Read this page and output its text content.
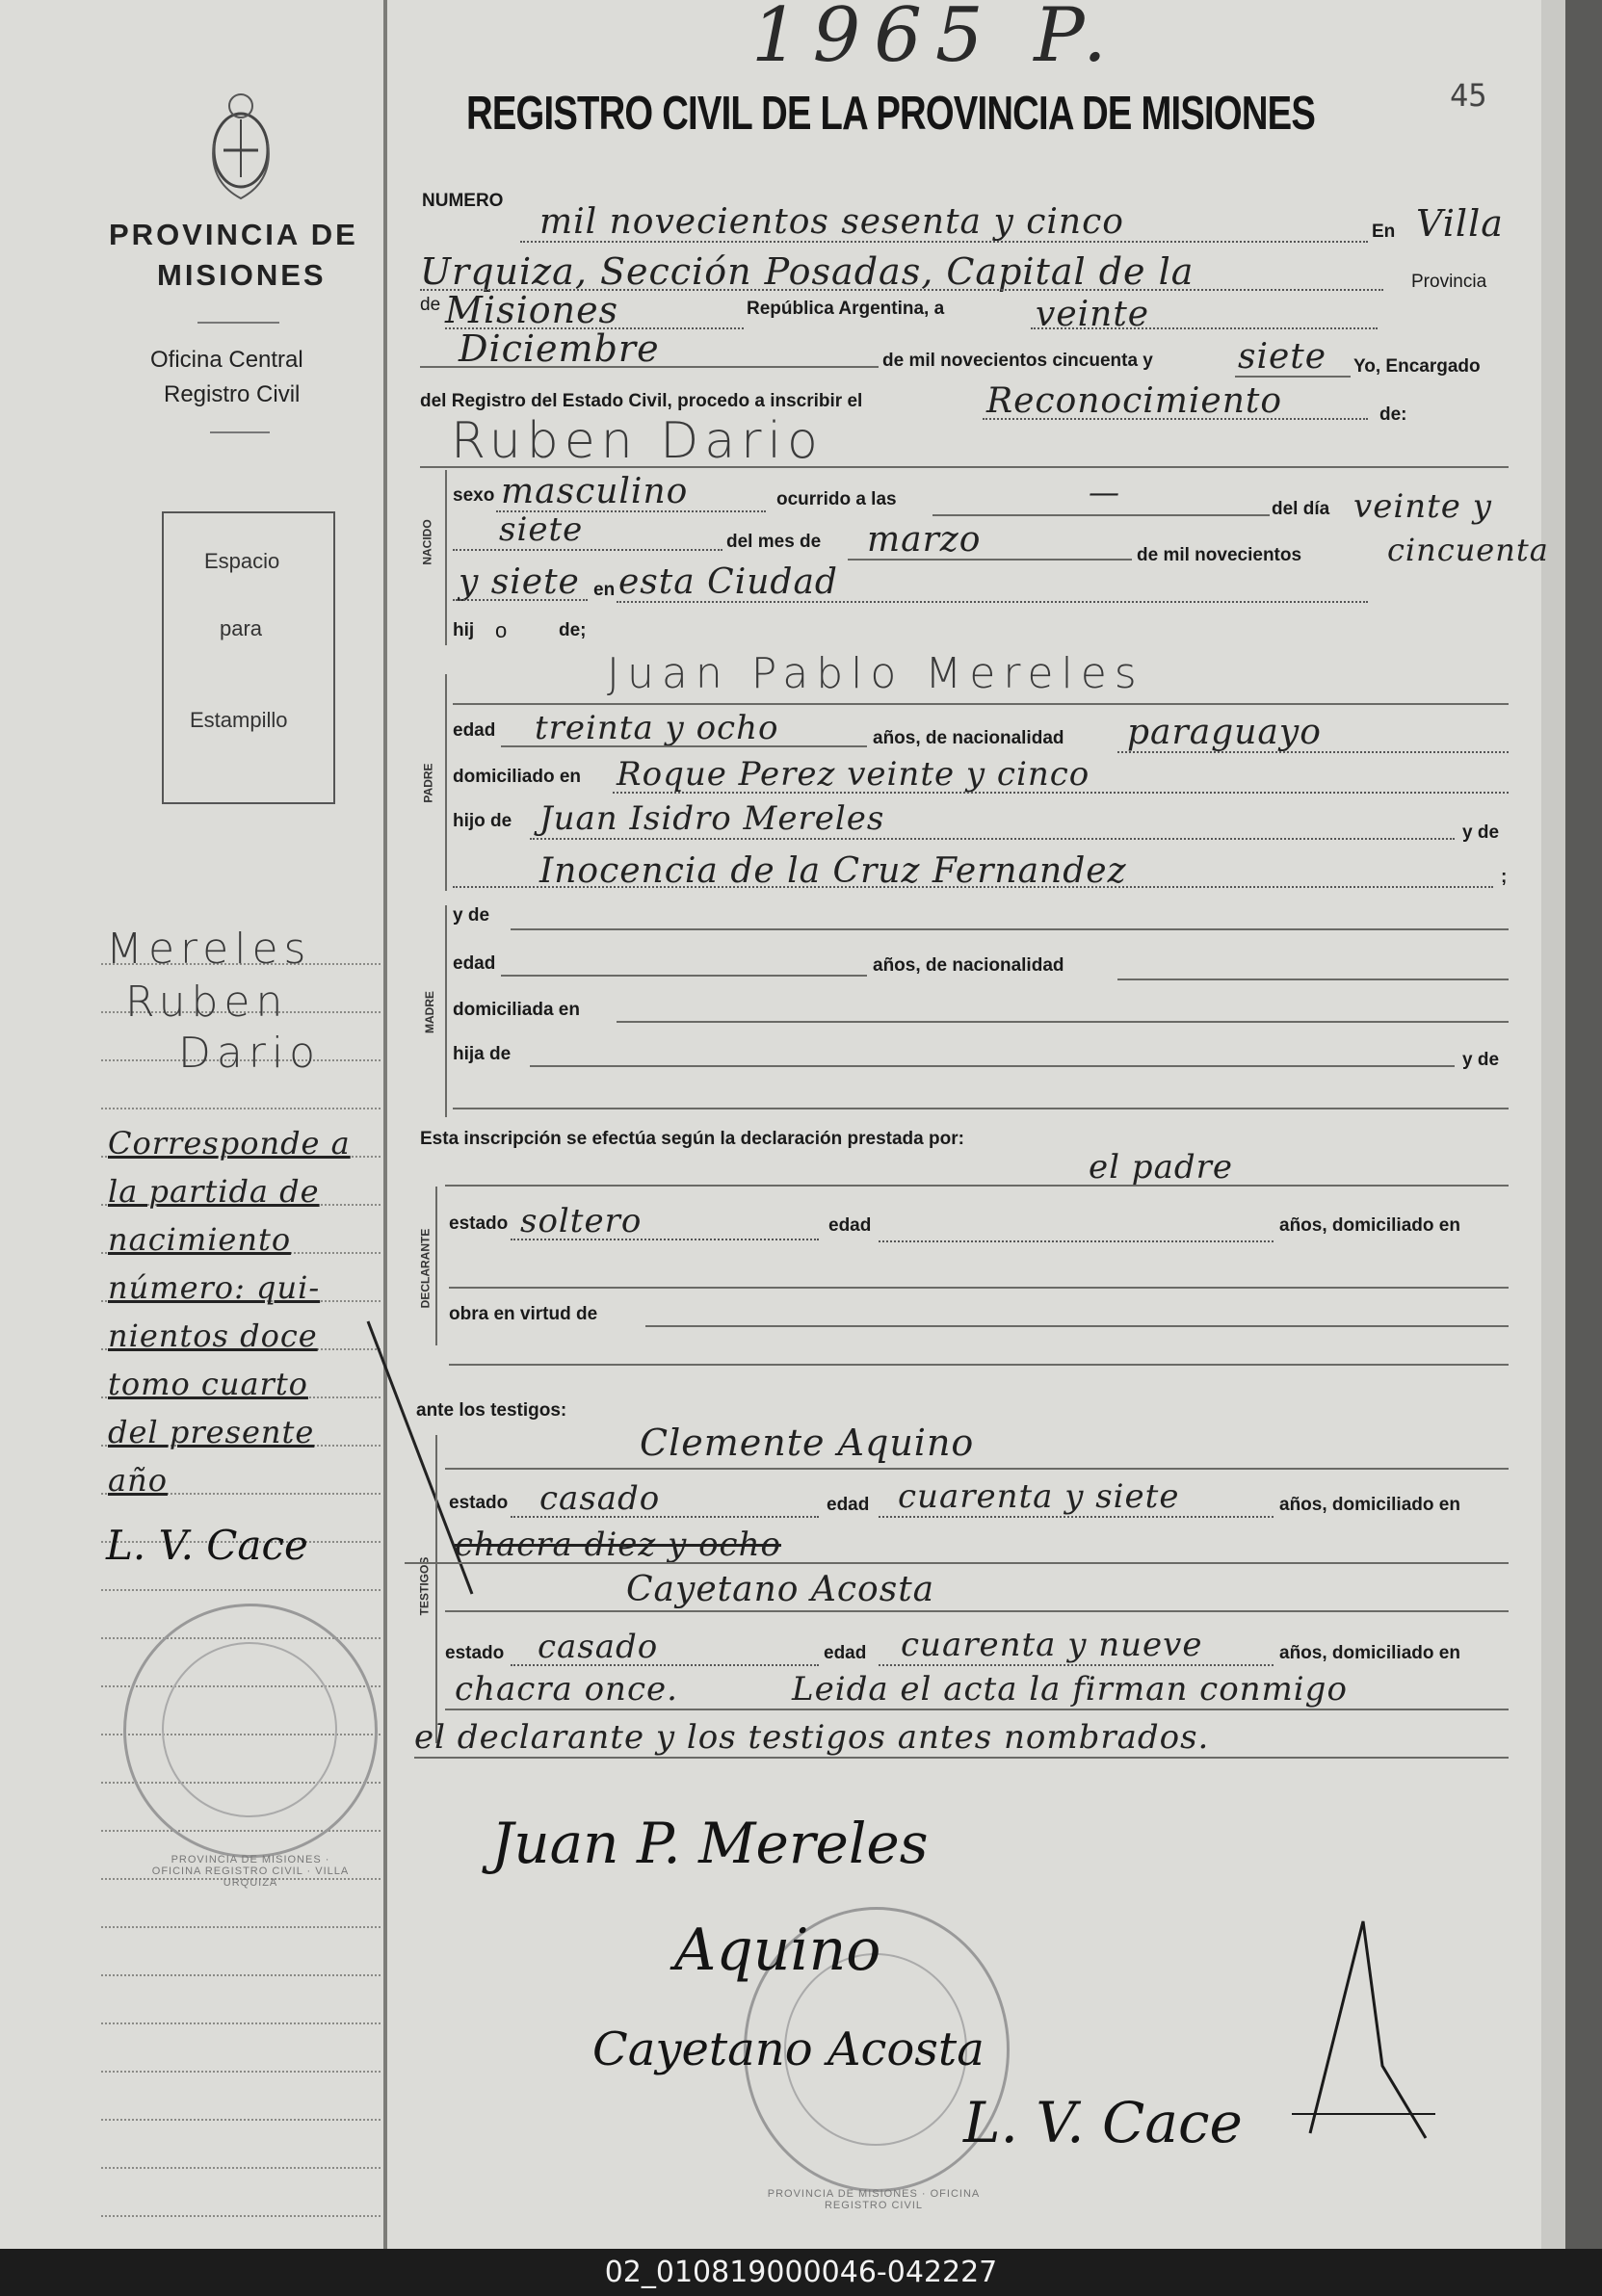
1965 P.
45
REGISTRO CIVIL DE LA PROVINCIA DE MISIONES
PROVINCIA DE
MISIONES
Oficina Central
Registro Civil
Espacio
para
Estampillo
Mereles
Ruben
Dario
Corresponde a
la partida de
nacimiento
número: qui-
nientos doce
tomo cuarto
del presente
año
L. V. Cace
PROVINCIA DE MISIONES · OFICINA REGISTRO CIVIL · VILLA URQUIZA
PROVINCIA DE MISIONES · OFICINA REGISTRO CIVIL
NUMERO
mil novecientos sesenta y cinco	En Villa
Urquiza, Sección Posadas, Capital de la	Provincia
de Misiones	República Argentina, a	veinte
Diciembre	de mil novecientos cincuenta y siete Yo, Encargado
del Registro del Estado Civil, procedo a inscribir el	Reconocimiento	de:
Ruben Dario
NACIDO
sexo masculino	ocurrido a las	—	del día veinte y
siete	del mes de marzo	de mil novecientos	cincuenta
y siete en esta Ciudad
hij o	de;
PADRE
Juan Pablo Mereles
edad treinta y ocho	años, de nacionalidad paraguayo
domiciliado en Roque Perez veinte y cinco
hijo de Juan Isidro Mereles	y de
Inocencia de la Cruz Fernandez	;
MADRE
y de
edad	años, de nacionalidad
domiciliada en
hija de	y de
Esta inscripción se efectúa según la declaración prestada por:
el padre
DECLARANTE
estado soltero	edad	años, domiciliado en
obra en virtud de
ante los testigos:
TESTIGOS
Clemente Aquino
estado casado	edad cuarenta y siete	años, domiciliado en
chacra diez y ocho
Cayetano Acosta
estado casado	edad cuarenta y nueve	años, domiciliado en
chacra once.	Leida el acta la firman conmigo
el declarante y los testigos antes nombrados.
Juan P. Mereles
Aquino
Cayetano Acosta
L. V. Cace
02_010819000046-042227
